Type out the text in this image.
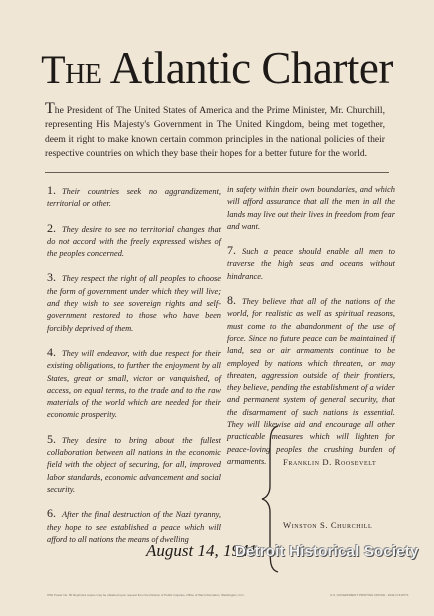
The Atlantic Charter
The President of The United States of America and the Prime Minister, Mr. Churchill, representing His Majesty's Government in The United Kingdom, being met together, deem it right to make known certain common principles in the national policies of their respective countries on which they base their hopes for a better future for the world.

1. Their countries seek no aggrandizement, territorial or other.

2. They desire to see no territorial changes that do not accord with the freely expressed wishes of the peoples concerned.

3. They respect the right of all peoples to choose the form of government under which they will live; and they wish to see sovereign rights and self-government restored to those who have been forcibly deprived of them.

4. They will endeavor, with due respect for their existing obligations, to further the enjoyment by all States, great or small, victor or vanquished, of access, on equal terms, to the trade and to the raw materials of the world which are needed for their economic prosperity.

5. They desire to bring about the fullest collaboration between all nations in the economic field with the object of securing, for all, improved labor standards, economic advancement and social security.

6. After the final destruction of the Nazi tyranny, they hope to see established a peace which will afford to all nations the means of dwelling

in safety within their own boundaries, and which will afford assurance that all the men in all the lands may live out their lives in freedom from fear and want.

7. Such a peace should enable all men to traverse the high seas and oceans without hindrance.

8. They believe that all of the nations of the world, for realistic as well as spiritual reasons, must come to the abandonment of the use of force. Since no future peace can be maintained if land, sea or air armaments continue to be employed by nations which threaten, or may threaten, aggression outside of their frontiers, they believe, pending the establishment of a wider and permanent system of general security, that the disarmament of such nations is essential. They will likewise aid and encourage all other practicable measures which will lighten for peace-loving peoples the crushing burden of armaments.	Franklin D. Roosevelt
Winston S. Churchill
August 14, 1941
Detroit Historical Society
OWI Poster No. 50 Reprinted copies may be obtained upon request from the Division of Public Inquiries, Office of War Information, Washington, D.C.	U.S. GOVERNMENT PRINTING OFFICE : 1943-O-510771
